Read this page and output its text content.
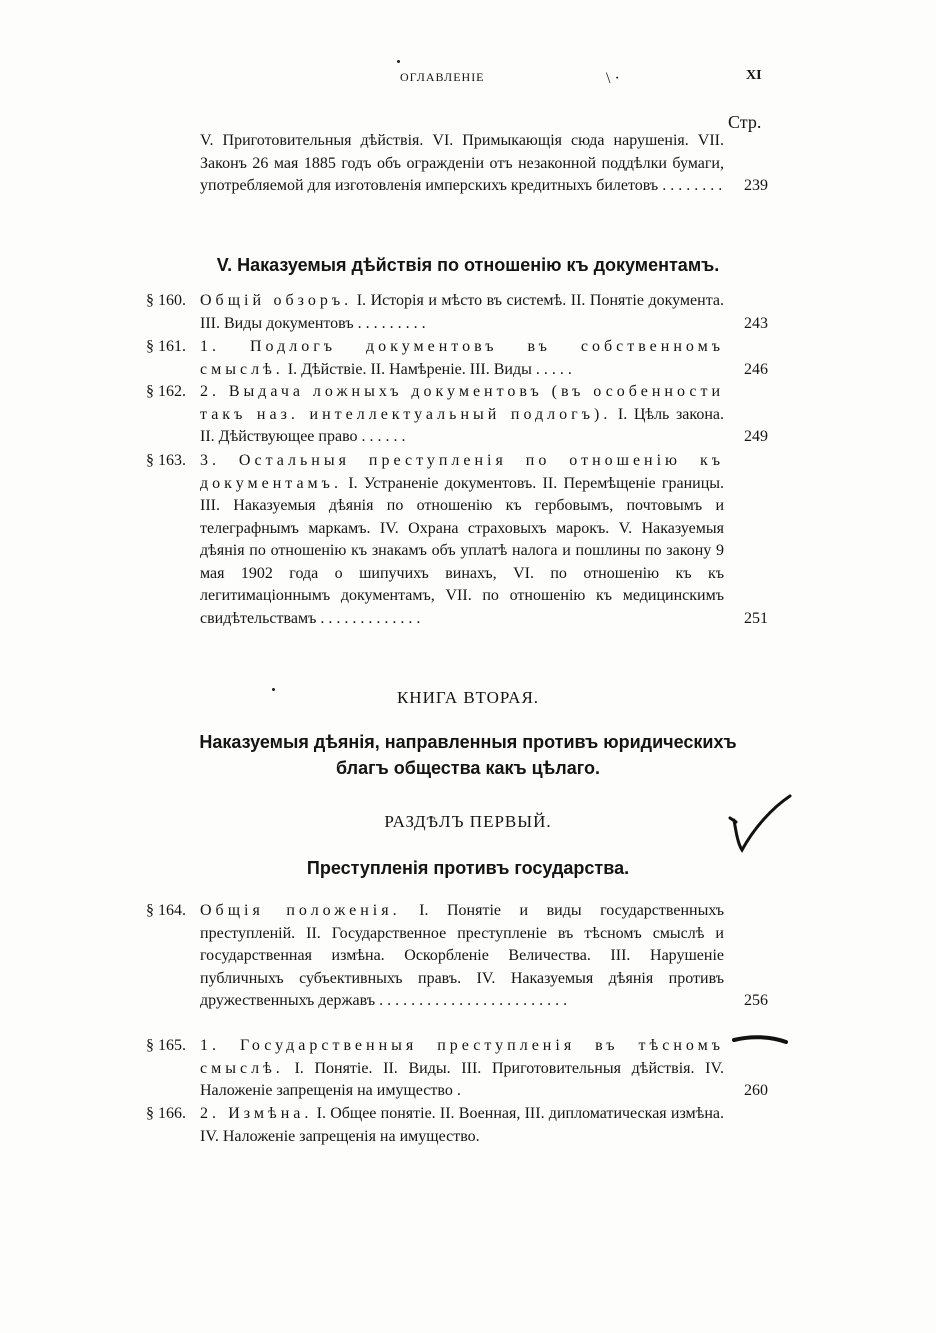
ОГЛАВЛЕНІЕ	XI
\ ·
Стр.
V. Приготовительныя дѣйствія. VI. Примыкающія сюда нарушенія. VII. Законъ 26 мая 1885 годъ объ огражденіи отъ незаконной поддѣлки бумаги, употребляемой для изготовленія имперскихъ кредитныхъ билетовъ . . . . . . . .	239
V. Наказуемыя дѣйствія по отношенію къ документамъ.
§ 160. Общій обзоръ. I. Исторія и мѣсто въ системѣ. II. Понятіе документа. III. Виды документовъ . . . . . . . . .	243
§ 161. 1. Подлогъ документовъ въ собственномъ смыслѣ. I. Дѣйствіе. II. Намѣреніе. III. Виды . . . . .	246
§ 162. 2. Выдача ложныхъ документовъ (въ особенности такъ наз. интеллектуальный подлогъ). I. Цѣль закона. II. Дѣйствующее право . . . . . .	249
§ 163. 3. Остальныя преступленія по отношенію къ документамъ. I. Устраненіе документовъ. II. Перемѣщеніе границы. III. Наказуемыя дѣянія по отношенію къ гербовымъ, почтовымъ и телеграфнымъ маркамъ. IV. Охрана страховыхъ марокъ. V. Наказуемыя дѣянія по отношенію къ знакамъ объ уплатѣ налога и пошлины по закону 9 мая 1902 года о шипучихъ винахъ, VI. по отношенію къ къ легитимаціоннымъ документамъ, VII. по отношенію къ медицинскимъ свидѣтельствамъ . . . . . . . . . . . . .	251
КНИГА ВТОРАЯ.
Наказуемыя дѣянія, направленныя противъ юридическихъ
благъ общества какъ цѣлаго.
РАЗДѢЛЪ ПЕРВЫЙ.
Преступленія противъ государства.
§ 164. Общія положенія. I. Понятіе и виды государственныхъ преступленій. II. Государственное преступленіе въ тѣсномъ смыслѣ и государственная измѣна. Оскорбленіе Величества. III. Нарушеніе публичныхъ субъективныхъ правъ. IV. Наказуемыя дѣянія противъ дружественныхъ державъ . . . . . . . . . . . . . . . . . . . . . . . .	256
§ 165. 1. Государственныя преступленія въ тѣсномъ смыслѣ. I. Понятіе. II. Виды. III. Приготовительныя дѣйствія. IV. Наложеніе запрещенія на имущество .	260
§ 166. 2. Измѣна. I. Общее понятіе. II. Военная, III. дипломатическая измѣна. IV. Наложеніе запрещенія на имущество.
